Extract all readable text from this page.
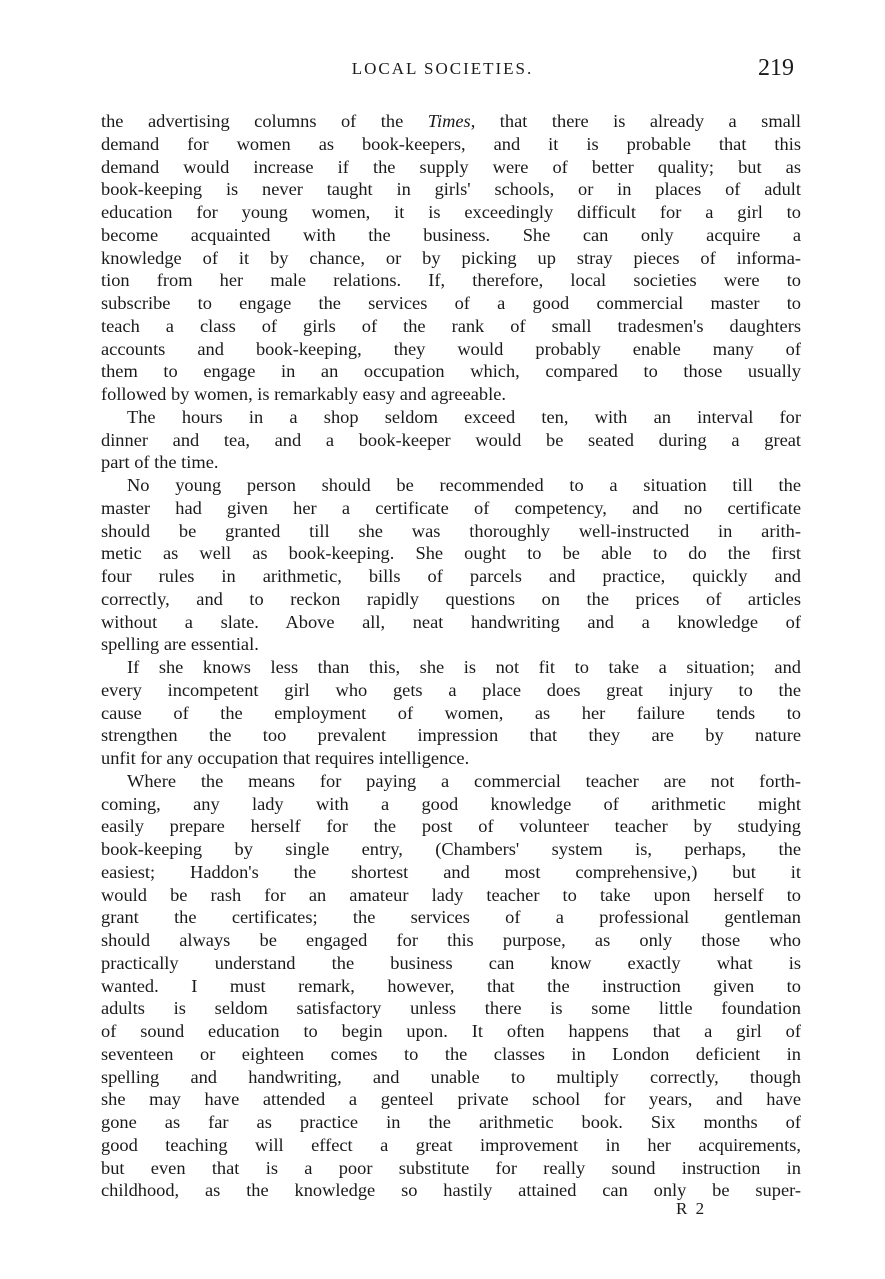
LOCAL SOCIETIES.	219
the advertising columns of the Times, that there is already a small
demand for women as book-keepers, and it is probable that this
demand would increase if the supply were of better quality; but as
book-keeping is never taught in girls' schools, or in places of adult
education for young women, it is exceedingly difficult for a girl to
become acquainted with the business. She can only acquire a
knowledge of it by chance, or by picking up stray pieces of informa-
tion from her male relations. If, therefore, local societies were to
subscribe to engage the services of a good commercial master to
teach a class of girls of the rank of small tradesmen's daughters
accounts and book-keeping, they would probably enable many of
them to engage in an occupation which, compared to those usually
followed by women, is remarkably easy and agreeable.
The hours in a shop seldom exceed ten, with an interval for
dinner and tea, and a book-keeper would be seated during a great
part of the time.
No young person should be recommended to a situation till the
master had given her a certificate of competency, and no certificate
should be granted till she was thoroughly well-instructed in arith-
metic as well as book-keeping. She ought to be able to do the first
four rules in arithmetic, bills of parcels and practice, quickly and
correctly, and to reckon rapidly questions on the prices of articles
without a slate. Above all, neat handwriting and a knowledge of
spelling are essential.
If she knows less than this, she is not fit to take a situation; and
every incompetent girl who gets a place does great injury to the
cause of the employment of women, as her failure tends to
strengthen the too prevalent impression that they are by nature
unfit for any occupation that requires intelligence.
Where the means for paying a commercial teacher are not forth-
coming, any lady with a good knowledge of arithmetic might
easily prepare herself for the post of volunteer teacher by studying
book-keeping by single entry, (Chambers' system is, perhaps, the
easiest; Haddon's the shortest and most comprehensive,) but it
would be rash for an amateur lady teacher to take upon herself to
grant the certificates; the services of a professional gentleman
should always be engaged for this purpose, as only those who
practically understand the business can know exactly what is
wanted. I must remark, however, that the instruction given to
adults is seldom satisfactory unless there is some little foundation
of sound education to begin upon. It often happens that a girl of
seventeen or eighteen comes to the classes in London deficient in
spelling and handwriting, and unable to multiply correctly, though
she may have attended a genteel private school for years, and have
gone as far as practice in the arithmetic book. Six months of
good teaching will effect a great improvement in her acquirements,
but even that is a poor substitute for really sound instruction in
childhood, as the knowledge so hastily attained can only be super-
R 2
